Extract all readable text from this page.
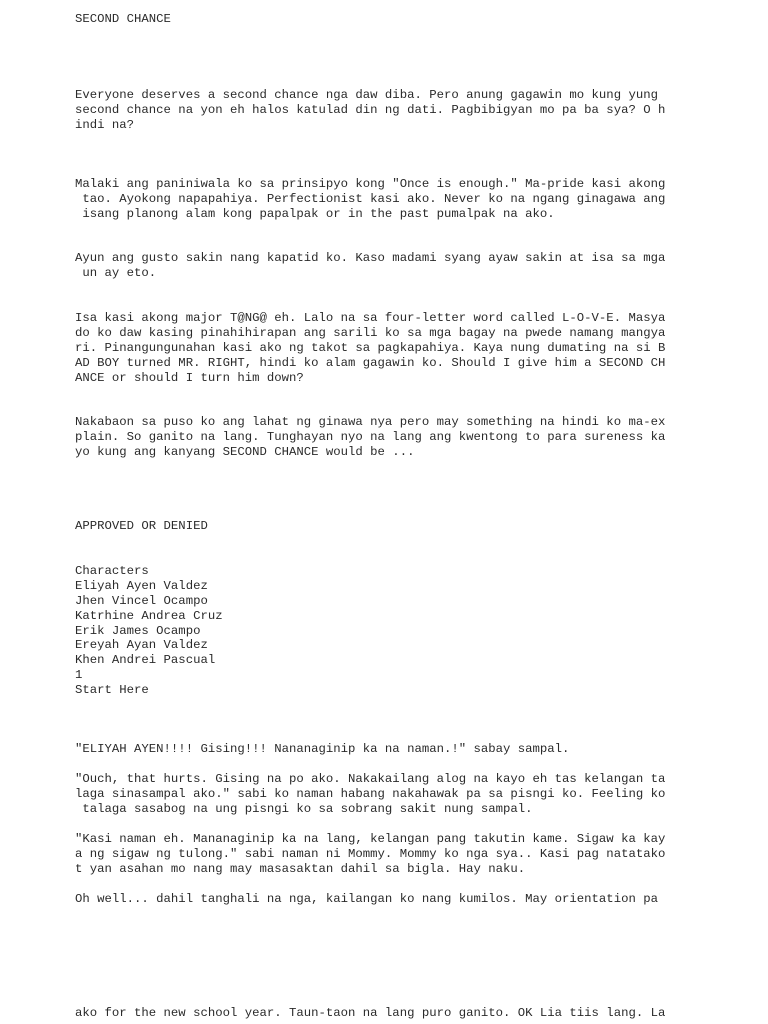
SECOND CHANCE
Everyone deserves a second chance nga daw diba. Pero anung gagawin mo kung yung
second chance na yon eh halos katulad din ng dati. Pagbibigyan mo pa ba sya? O h
indi na?
Malaki ang paniniwala ko sa prinsipyo kong "Once is enough." Ma-pride kasi akong
tao. Ayokong napapahiya. Perfectionist kasi ako. Never ko na ngang ginagawa ang
isang planong alam kong papalpak or in the past pumalpak na ako.
Ayun ang gusto sakin nang kapatid ko. Kaso madami syang ayaw sakin at isa sa mga
un ay eto.
Isa kasi akong major T@NG@ eh. Lalo na sa four-letter word called L-O-V-E. Masya
do ko daw kasing pinahihirapan ang sarili ko sa mga bagay na pwede namang mangya
ri. Pinangungunahan kasi ako ng takot sa pagkapahiya. Kaya nung dumating na si B
AD BOY turned MR. RIGHT, hindi ko alam gagawin ko. Should I give him a SECOND CH
ANCE or should I turn him down?
Nakabaon sa puso ko ang lahat ng ginawa nya pero may something na hindi ko ma-ex
plain. So ganito na lang. Tunghayan nyo na lang ang kwentong to para sureness ka
yo kung ang kanyang SECOND CHANCE would be ...
APPROVED OR DENIED
Characters
Eliyah Ayen Valdez
Jhen Vincel Ocampo
Katrhine Andrea Cruz
Erik James Ocampo
Ereyah Ayan Valdez
Khen Andrei Pascual
1
Start Here
"ELIYAH AYEN!!!! Gising!!! Nananaginip ka na naman.!" sabay sampal.
"Ouch, that hurts. Gising na po ako. Nakakailang alog na kayo eh tas kelangan ta
laga sinasampal ako." sabi ko naman habang nakahawak pa sa pisngi ko. Feeling ko
talaga sasabog na ung pisngi ko sa sobrang sakit nung sampal.
"Kasi naman eh. Mananaginip ka na lang, kelangan pang takutin kame. Sigaw ka kay
a ng sigaw ng tulong." sabi naman ni Mommy. Mommy ko nga sya.. Kasi pag natatako
t yan asahan mo nang may masasaktan dahil sa bigla. Hay naku.
Oh well... dahil tanghali na nga, kailangan ko nang kumilos. May orientation pa
ako for the new school year. Taun-taon na lang puro ganito. OK Lia tiis lang. La
